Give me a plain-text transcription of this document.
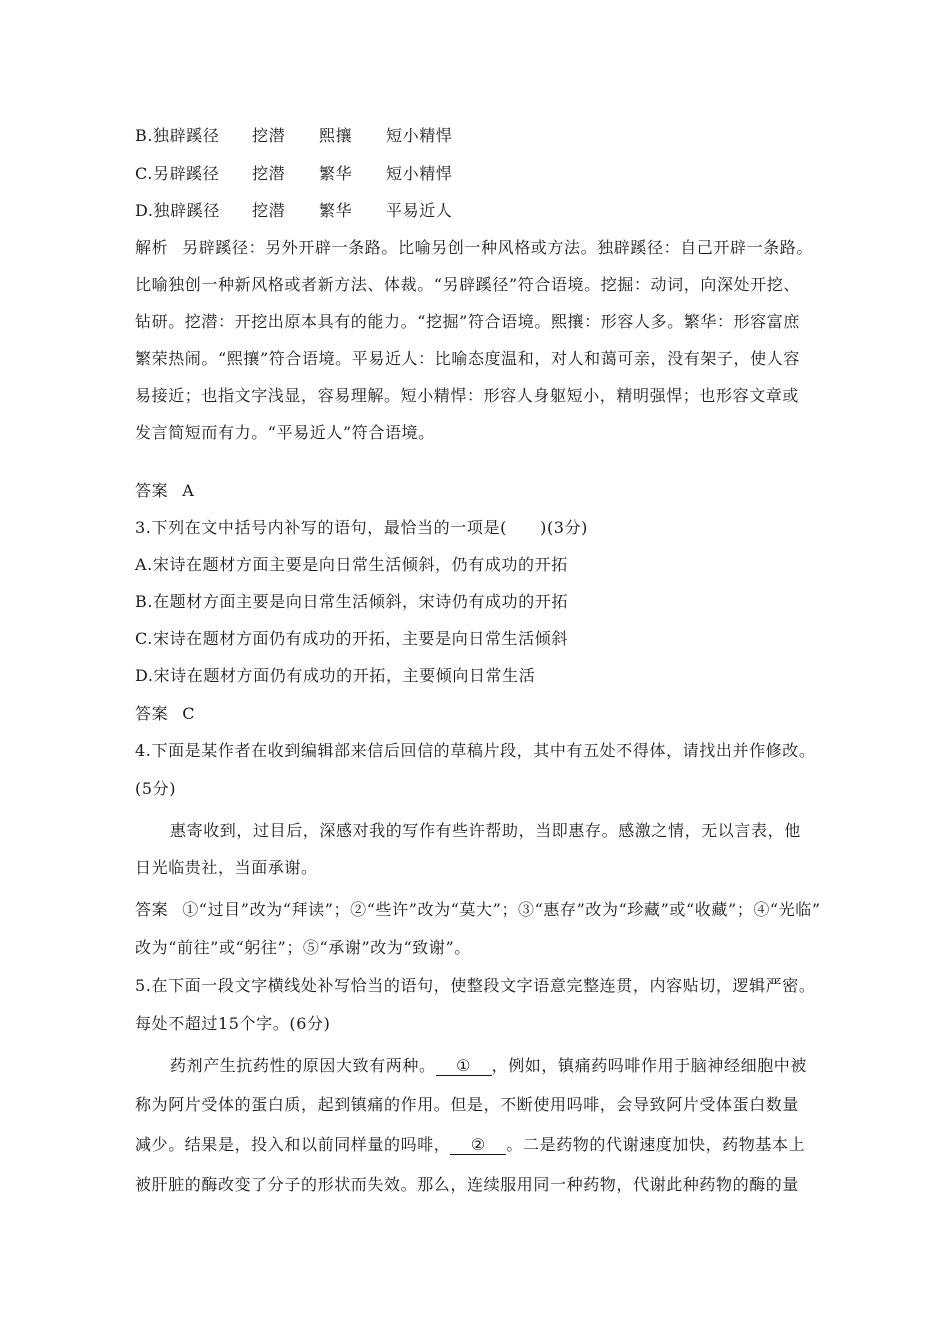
B.独辟蹊径 挖潜 熙攘 短小精悍
C.另辟蹊径 挖潜 繁华 短小精悍
D.独辟蹊径 挖潜 繁华 平易近人
解析 另辟蹊径：另外开辟一条路。比喻另创一种风格或方法。独辟蹊径：自己开辟一条路。
比喻独创一种新风格或者新方法、体裁。“另辟蹊径”符合语境。挖掘：动词，向深处开挖、
钻研。挖潜：开挖出原本具有的能力。“挖掘”符合语境。熙攘：形容人多。繁华：形容富庶
繁荣热闹。“熙攘”符合语境。平易近人：比喻态度温和，对人和蔼可亲，没有架子，使人容
易接近；也指文字浅显，容易理解。短小精悍：形容人身躯短小，精明强悍；也形容文章或
发言简短而有力。“平易近人”符合语境。
答案 A
3.下列在文中括号内补写的语句，最恰当的一项是(　　)(3分)
A.宋诗在题材方面主要是向日常生活倾斜，仍有成功的开拓
B.在题材方面主要是向日常生活倾斜，宋诗仍有成功的开拓
C.宋诗在题材方面仍有成功的开拓，主要是向日常生活倾斜
D.宋诗在题材方面仍有成功的开拓，主要倾向日常生活
答案 C
4.下面是某作者在收到编辑部来信后回信的草稿片段，其中有五处不得体，请找出并作修改。
(5分)
惠寄收到，过目后，深感对我的写作有些许帮助，当即惠存。感激之情，无以言表，他
日光临贵社，当面承谢。
答案 ①“过目”改为“拜读”；②“些许”改为“莫大”；③“惠存”改为“珍藏”或“收藏”；④“光临”
改为“前往”或“躬往”；⑤“承谢”改为“致谢”。
5.在下面一段文字横线处补写恰当的语句，使整段文字语意完整连贯，内容贴切，逻辑严密。
每处不超过15个字。(6分)
药剂产生抗药性的原因大致有两种。 ① ，例如，镇痛药吗啡作用于脑神经细胞中被
称为阿片受体的蛋白质，起到镇痛的作用。但是，不断使用吗啡，会导致阿片受体蛋白数量
减少。结果是，投入和以前同样量的吗啡， ② 。二是药物的代谢速度加快，药物基本上
被肝脏的酶改变了分子的形状而失效。那么，连续服用同一种药物，代谢此种药物的酶的量
